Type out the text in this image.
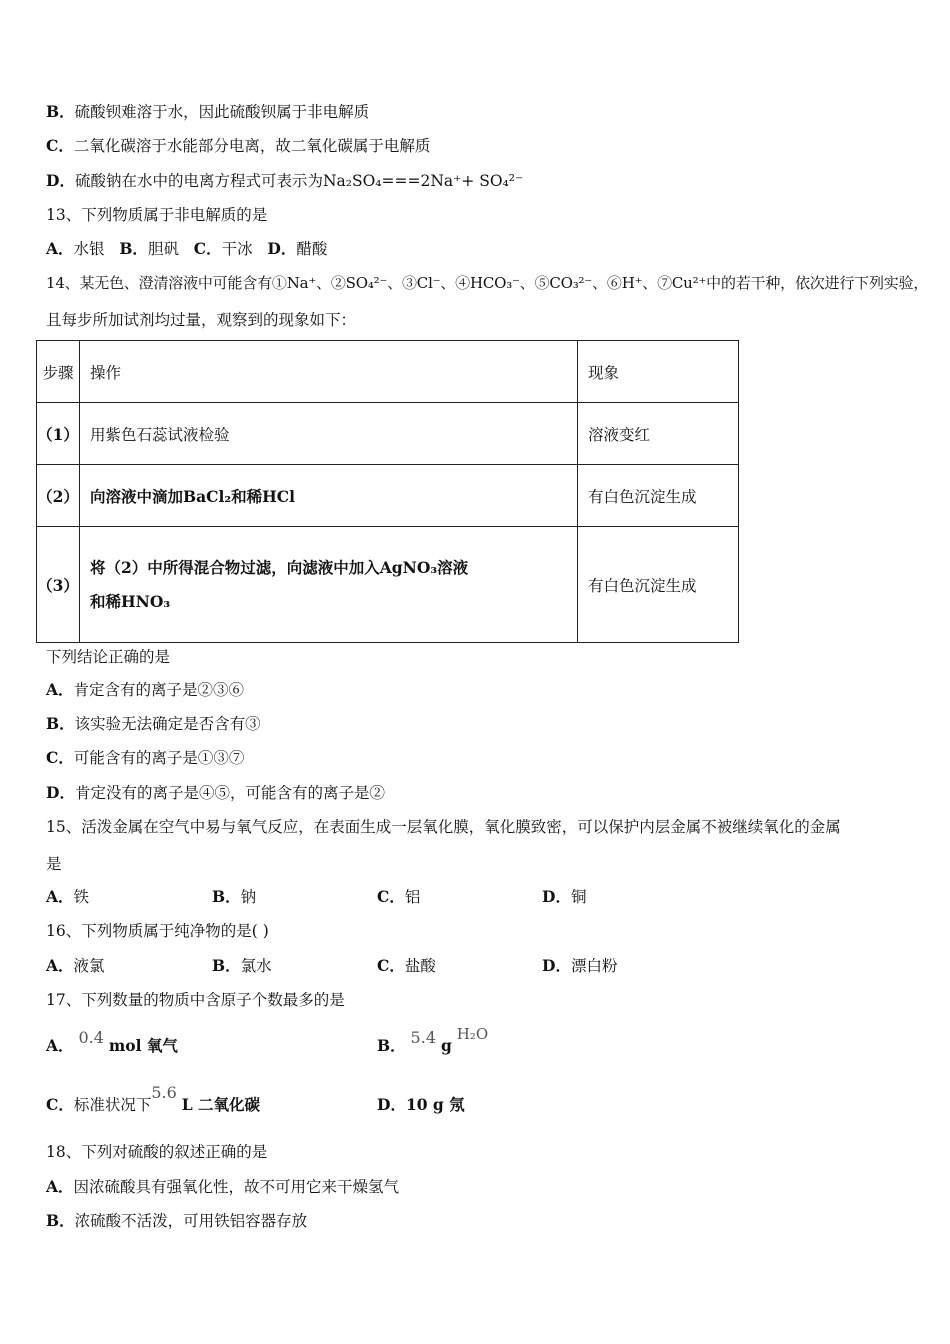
B．硫酸钡难溶于水，因此硫酸钡属于非电解质
C．二氧化碳溶于水能部分电离，故二氧化碳属于电解质
D．硫酸钠在水中的电离方程式可表示为Na₂SO₄===2Na⁺+ SO₄²⁻
13、下列物质属于非电解质的是
A．水银 B．胆矾 C．干冰 D．醋酸
14、某无色、澄清溶液中可能含有①Na⁺、②SO₄²⁻、③Cl⁻、④HCO₃⁻、⑤CO₃²⁻、⑥H⁺、⑦Cu²⁺中的若干种，依次进行下列实验，
且每步所加试剂均过量，观察到的现象如下：
步骤	操作	现象
（1）	用紫色石蕊试液检验	溶液变红
（2）	向溶液中滴加BaCl₂和稀HCl	有白色沉淀生成
（3）	将（2）中所得混合物过滤，向滤液中加入AgNO₃溶液
和稀HNO₃	有白色沉淀生成
下列结论正确的是
A．肯定含有的离子是②③⑥
B．该实验无法确定是否含有③
C．可能含有的离子是①③⑦
D．肯定没有的离子是④⑤，可能含有的离子是②
15、活泼金属在空气中易与氧气反应，在表面生成一层氧化膜，氧化膜致密，可以保护内层金属不被继续氧化的金属
是
A．铁	B．钠	C．铝	D．铜
16、下列物质属于纯净物的是( )
A．液氯	B．氯水	C．盐酸	D．漂白粉
17、下列数量的物质中含原子个数最多的是
A． 0.4 mol 氧气	B． 5.4 g H₂O
C．标准状况下5.6 L 二氧化碳	D．10 g 氖
18、下列对硫酸的叙述正确的是
A．因浓硫酸具有强氧化性，故不可用它来干燥氢气
B．浓硫酸不活泼，可用铁铝容器存放
